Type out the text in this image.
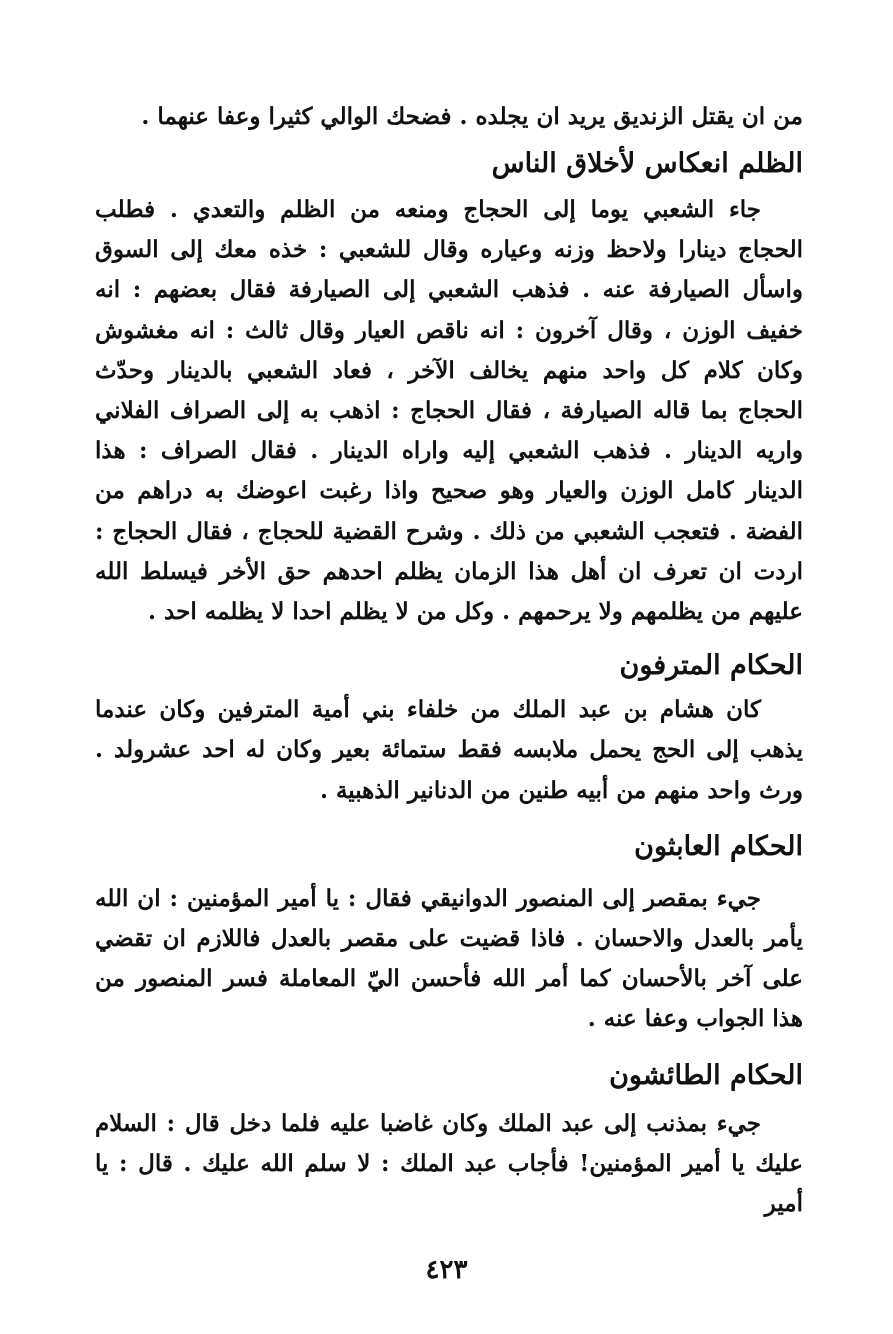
من ان يقتل الزنديق يريد ان يجلده . فضحك الوالي كثيرا وعفا عنهما .

الظلم انعكاس لأخلاق الناس

جاء الشعبي يوما إلى الحجاج ومنعه من الظلم والتعدي . فطلب الحجاج دينارا ولاحظ وزنه وعياره وقال للشعبي : خذه معك إلى السوق واسأل الصيارفة عنه . فذهب الشعبي إلى الصيارفة فقال بعضهم : انه خفيف الوزن ، وقال آخرون : انه ناقص العيار وقال ثالث : انه مغشوش وكان كلام كل واحد منهم يخالف الآخر ، فعاد الشعبي بالدينار وحدّث الحجاج بما قاله الصيارفة ، فقال الحجاج : اذهب به إلى الصراف الفلاني واريه الدينار . فذهب الشعبي إليه واراه الدينار . فقال الصراف : هذا الدينار كامل الوزن والعيار وهو صحيح واذا رغبت اعوضك به دراهم من الفضة . فتعجب الشعبي من ذلك . وشرح القضية للحجاج ، فقال الحجاج : اردت ان تعرف ان أهل هذا الزمان يظلم احدهم حق الأخر فيسلط الله عليهم من يظلمهم ولا يرحمهم . وكل من لا يظلم احدا لا يظلمه احد .

الحكام المترفون

كان هشام بن عبد الملك من خلفاء بني أمية المترفين وكان عندما يذهب إلى الحج يحمل ملابسه فقط ستمائة بعير وكان له احد عشرولد . ورث واحد منهم من أبيه طنين من الدنانير الذهبية .

الحكام العابثون

جيء بمقصر إلى المنصور الدوانيقي فقال : يا أمير المؤمنين : ان الله يأمر بالعدل والاحسان . فاذا قضيت على مقصر بالعدل فاللازم ان تقضي على آخر بالأحسان كما أمر الله فأحسن اليّ المعاملة فسر المنصور من هذا الجواب وعفا عنه .

الحكام الطائشون

جيء بمذنب إلى عبد الملك وكان غاضبا عليه فلما دخل قال : السلام عليك يا أمير المؤمنين! فأجاب عبد الملك : لا سلم الله عليك . قال : يا أمير

٤٢٣
